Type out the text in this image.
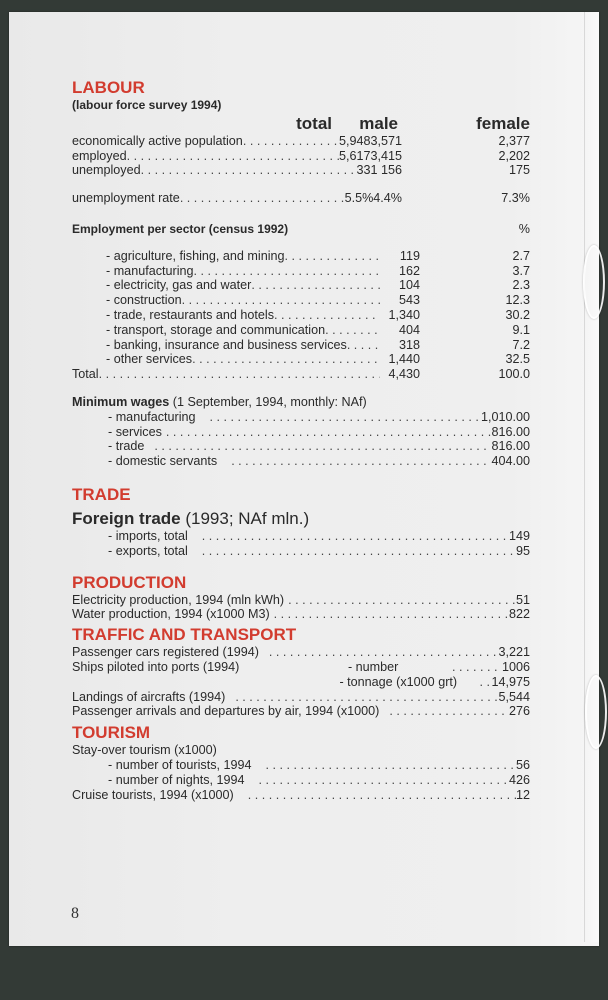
LABOUR
(labour force survey 1994)
total	male	female
economically active population . . .	5,948 3,571	2,377
employed . . .	5,617 3,415	2,202
unemployed . . .	331 156	175
unemployment rate . . .	5.5% 4.4%	7.3%
Employment per sector (census 1992)	%
- agriculture, fishing, and mining . . .	119	2.7
- manufacturing . . .	162	3.7
- electricity, gas and water . . .	104	2.3
- construction . . .	543	12.3
- trade, restaurants and hotels . . .	1,340	30.2
- transport, storage and communication . . .	404	9.1
- banking, insurance and business services . . .	318	7.2
- other services . . .	1,440	32.5
Total . . .	4,430	100.0
Minimum wages (1 September, 1994, monthly: NAf)
- manufacturing . . .	1,010.00
- services . . .	816.00
- trade . . .	816.00
- domestic servants . . .	404.00
TRADE
Foreign trade (1993; NAf mln.)
- imports, total . . .	149
- exports, total . . .	95
PRODUCTION
Electricity production, 1994 (mln kWh) . . .	51
Water production, 1994 (x1000 M3) . . .	822
TRAFFIC AND TRANSPORT
Passenger cars registered (1994) . . .	3,221
Ships piloted into ports (1994)	- number . . .	1006
- tonnage (x1000 grt) . . .	14,975
Landings of aircrafts (1994) . . .	5,544
Passenger arrivals and departures by air, 1994 (x1000) . . .	276
TOURISM
Stay-over tourism (x1000)
- number of tourists, 1994 . . .	56
- number of nights, 1994 . . .	426
Cruise tourists, 1994 (x1000) . . .	12
8
